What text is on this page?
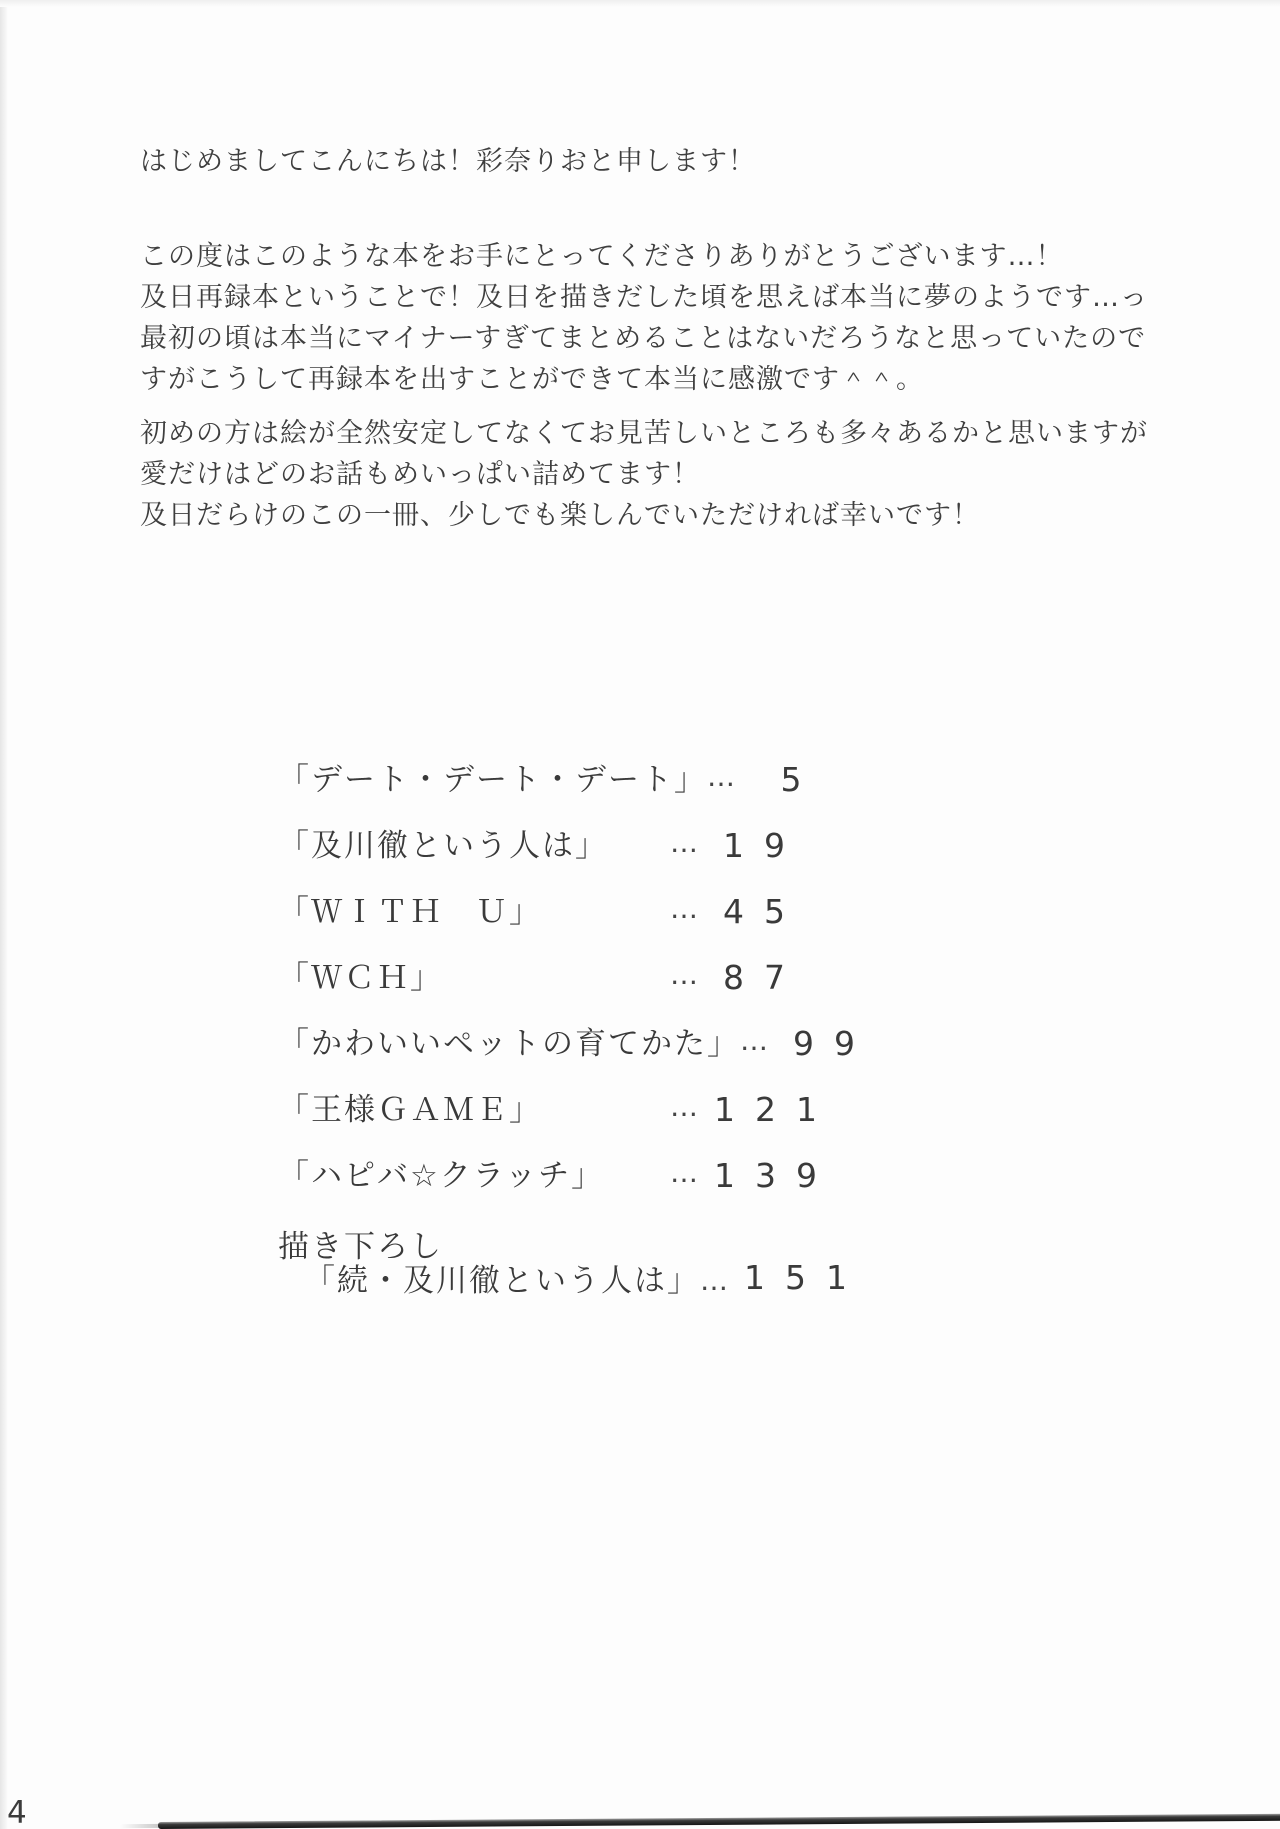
はじめましてこんにちは！彩奈りおと申します！
この度はこのような本をお手にとってくださりありがとうございます…！
及日再録本ということで！及日を描きだした頃を思えば本当に夢のようです…っ
最初の頃は本当にマイナーすぎてまとめることはないだろうなと思っていたので
すがこうして再録本を出すことができて本当に感激です＾＾。
初めの方は絵が全然安定してなくてお見苦しいところも多々あるかと思いますが
愛だけはどのお話もめいっぱい詰めてます！
及日だらけのこの一冊、少しでも楽しんでいただければ幸いです！
「デート・デート・デート」 …	5
「及川徹という人は」	… 19
「ＷＩＴＨ　Ｕ」	… 45
「ＷＣＨ」	… 87
「かわいいペットの育てかた」 … 99
「王様ＧＡＭＥ」	… 121
「ハピバ☆クラッチ」	… 139
描き下ろし
「続・及川徹という人は」 … 151
4
